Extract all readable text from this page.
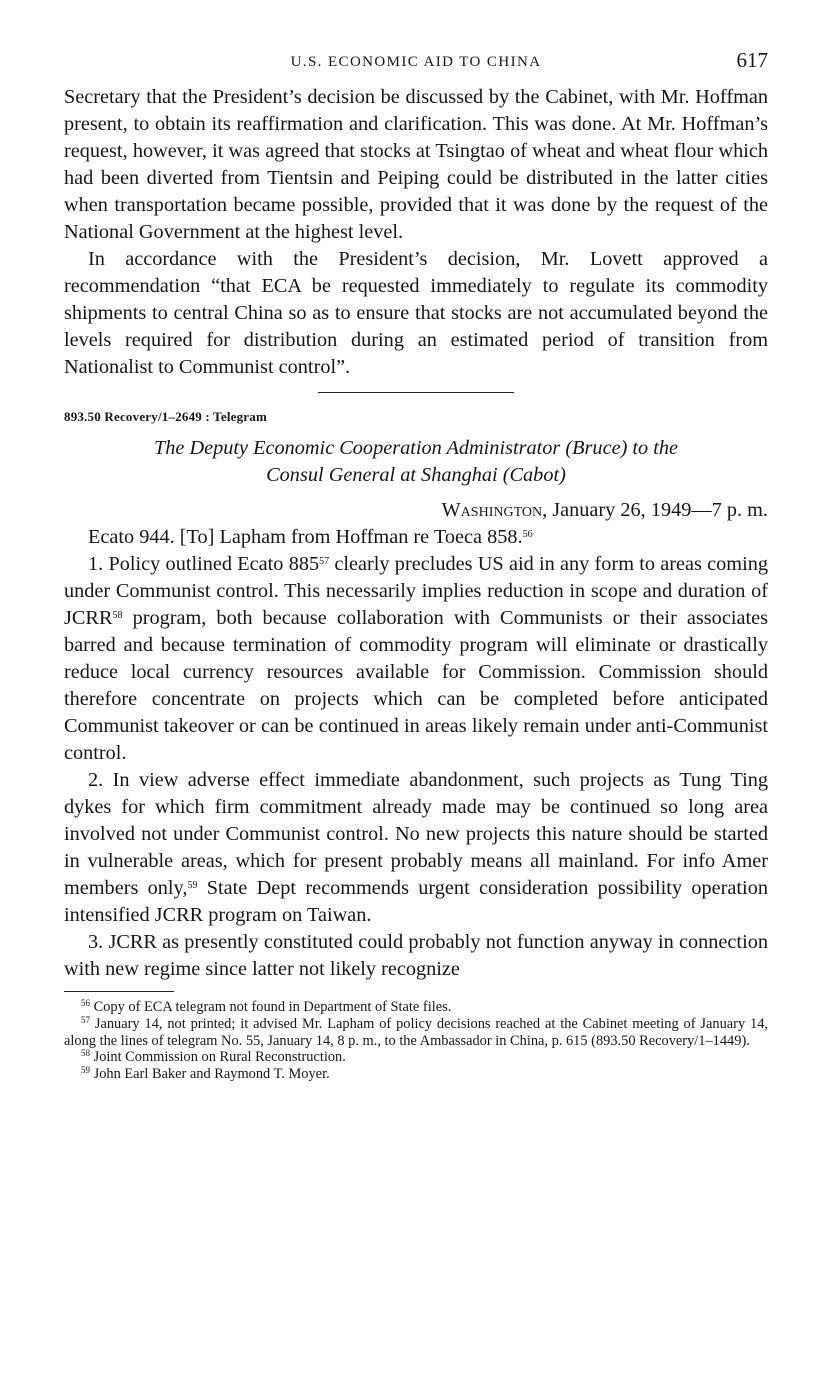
U.S. ECONOMIC AID TO CHINA	617

Secretary that the President’s decision be discussed by the Cabinet, with Mr. Hoffman present, to obtain its reaffirmation and clarification. This was done. At Mr. Hoffman’s request, however, it was agreed that stocks at Tsingtao of wheat and wheat flour which had been diverted from Tientsin and Peiping could be distributed in the latter cities when transportation became possible, provided that it was done by the request of the National Government at the highest level.

In accordance with the President’s decision, Mr. Lovett approved a recommendation “that ECA be requested immediately to regulate its commodity shipments to central China so as to ensure that stocks are not accumulated beyond the levels required for distribution during an estimated period of transition from Nationalist to Communist control”.

893.50 Recovery/1–2649 : Telegram
The Deputy Economic Cooperation Administrator (Bruce) to the
Consul General at Shanghai (Cabot)
Washington, January 26, 1949—7 p. m.

Ecato 944. [To] Lapham from Hoffman re Toeca 858.56

1. Policy outlined Ecato $885^{57}$ clearly precludes US aid in any form to areas coming under Communist control. This necessarily implies reduction in scope and duration of JCRR$^{58}$ program, both because collaboration with Communists or their associates barred and because termination of commodity program will eliminate or drastically reduce local currency resources available for Commission. Commission should therefore concentrate on projects which can be completed before anticipated Communist takeover or can be continued in areas likely remain under anti-Communist control.

2. In view adverse effect immediate abandonment, such projects as Tung Ting dykes for which firm commitment already made may be continued so long area involved not under Communist control. No new projects this nature should be started in vulnerable areas, which for present probably means all mainland. For info Amer members only,$^{59}$ State Dept recommends urgent consideration possibility operation intensified JCRR program on Taiwan.

3. JCRR as presently constituted could probably not function anyway in connection with new regime since latter not likely recognize

$^{56}$ Copy of ECA telegram not found in Department of State files.

$^{57}$ January 14, not printed; it advised Mr. Lapham of policy decisions reached at the Cabinet meeting of January 14, along the lines of telegram No. 55, January 14, 8 p. m., to the Ambassador in China, p. 615 (893.50 Recovery/1–1449).

$^{58}$ Joint Commission on Rural Reconstruction.

$^{59}$ John Earl Baker and Raymond T. Moyer.
